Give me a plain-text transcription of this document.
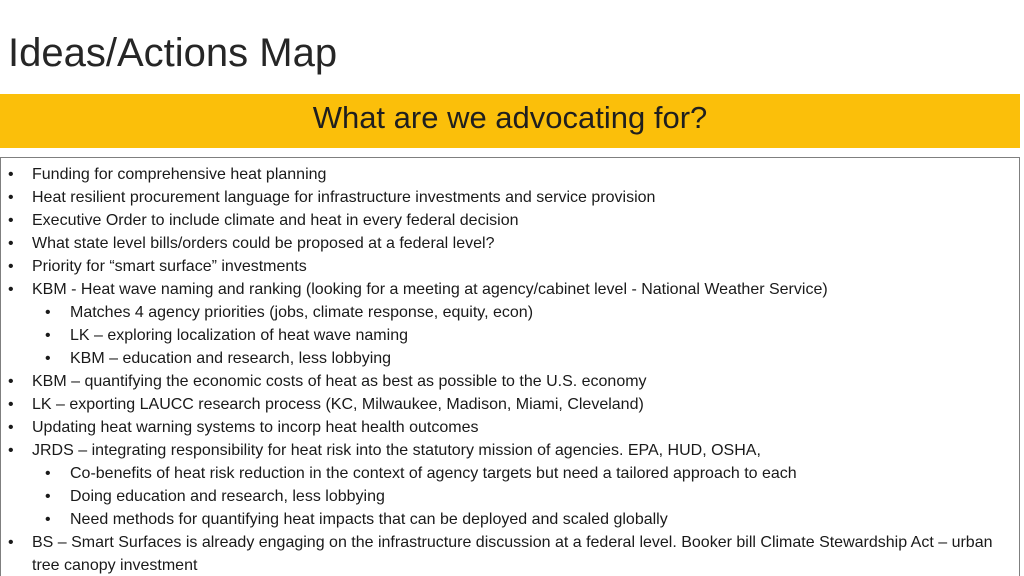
Ideas/Actions Map
What are we advocating for?
• Funding for comprehensive heat planning
• Heat resilient procurement language for infrastructure investments and service provision
• Executive Order to include climate and heat in every federal decision
• What state level bills/orders could be proposed at a federal level?
• Priority for “smart surface” investments
• KBM - Heat wave naming and ranking (looking for a meeting at agency/cabinet level - National Weather Service)
• Matches 4 agency priorities (jobs, climate response, equity, econ)
• LK – exploring localization of heat wave naming
• KBM – education and research, less lobbying
• KBM – quantifying the economic costs of heat as best as possible to the U.S. economy
• LK – exporting LAUCC research process (KC, Milwaukee, Madison, Miami, Cleveland)
• Updating heat warning systems to incorp heat health outcomes
• JRDS – integrating responsibility for heat risk into the statutory mission of agencies. EPA, HUD, OSHA,
• Co-benefits of heat risk reduction in the context of agency targets but need a tailored approach to each
• Doing education and research, less lobbying
• Need methods for quantifying heat impacts that can be deployed and scaled globally
• BS – Smart Surfaces is already engaging on the infrastructure discussion at a federal level. Booker bill Climate Stewardship Act – urban tree canopy investment
